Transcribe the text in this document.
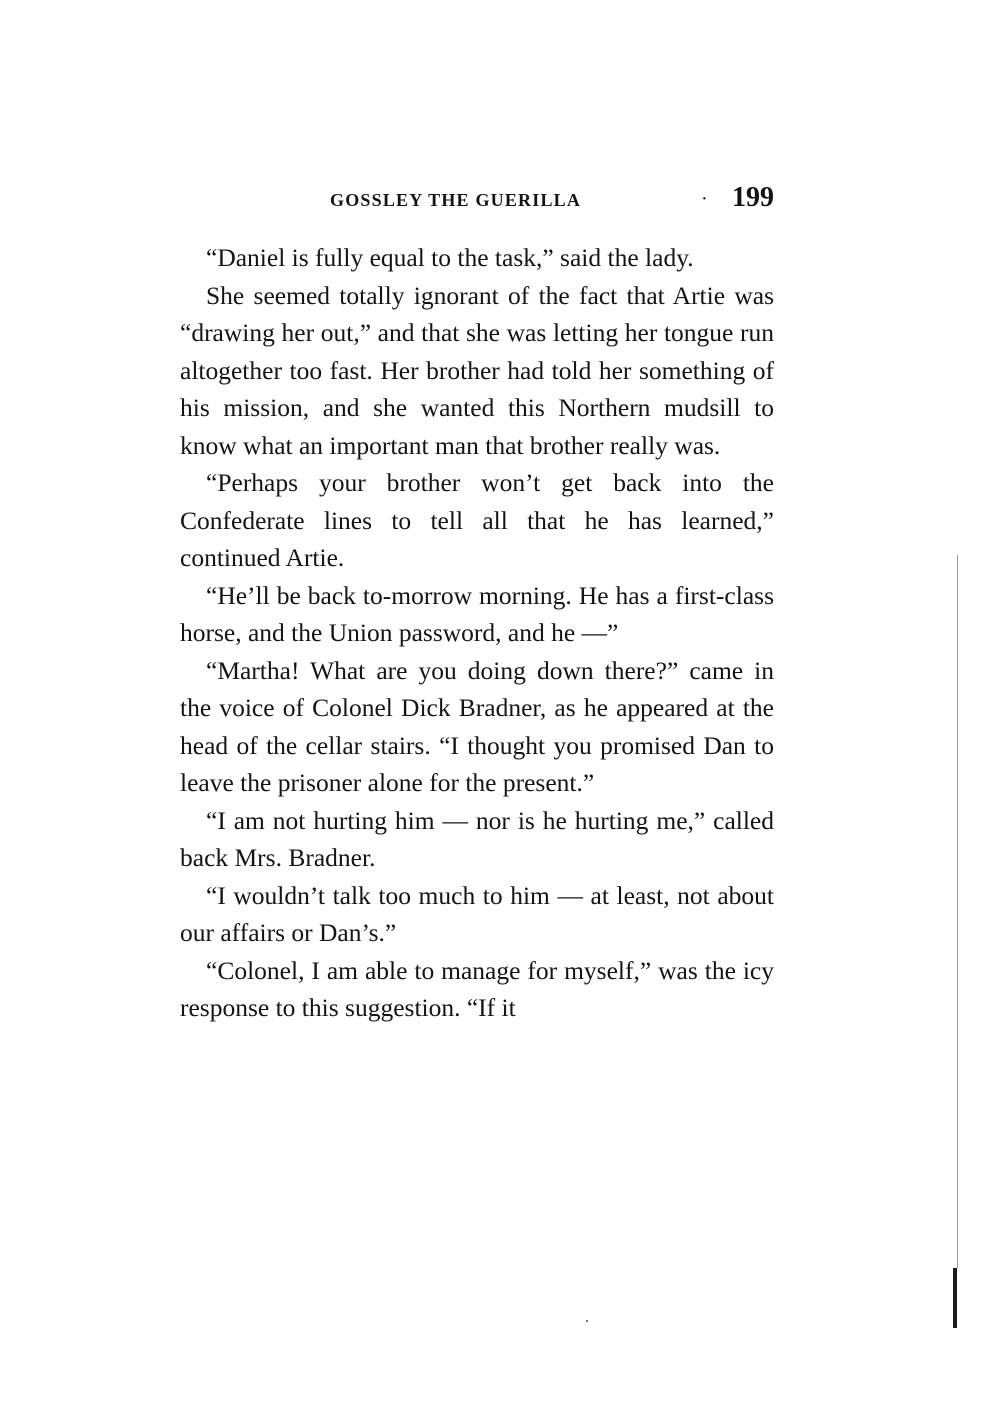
GOSSLEY THE GUERILLA	· 199

“Daniel is fully equal to the task,” said the lady.

She seemed totally ignorant of the fact that Artie was “drawing her out,” and that she was letting her tongue run altogether too fast. Her brother had told her something of his mission, and she wanted this Northern mudsill to know what an important man that brother really was.

“Perhaps your brother won’t get back into the Confederate lines to tell all that he has learned,” continued Artie.

“He’ll be back to-morrow morning. He has a first-class horse, and the Union password, and he —”

“Martha! What are you doing down there?” came in the voice of Colonel Dick Bradner, as he appeared at the head of the cellar stairs. “I thought you promised Dan to leave the prisoner alone for the present.”

“I am not hurting him — nor is he hurting me,” called back Mrs. Bradner.

“I wouldn’t talk too much to him — at least, not about our affairs or Dan’s.”

“Colonel, I am able to manage for myself,” was the icy response to this suggestion. “If it
